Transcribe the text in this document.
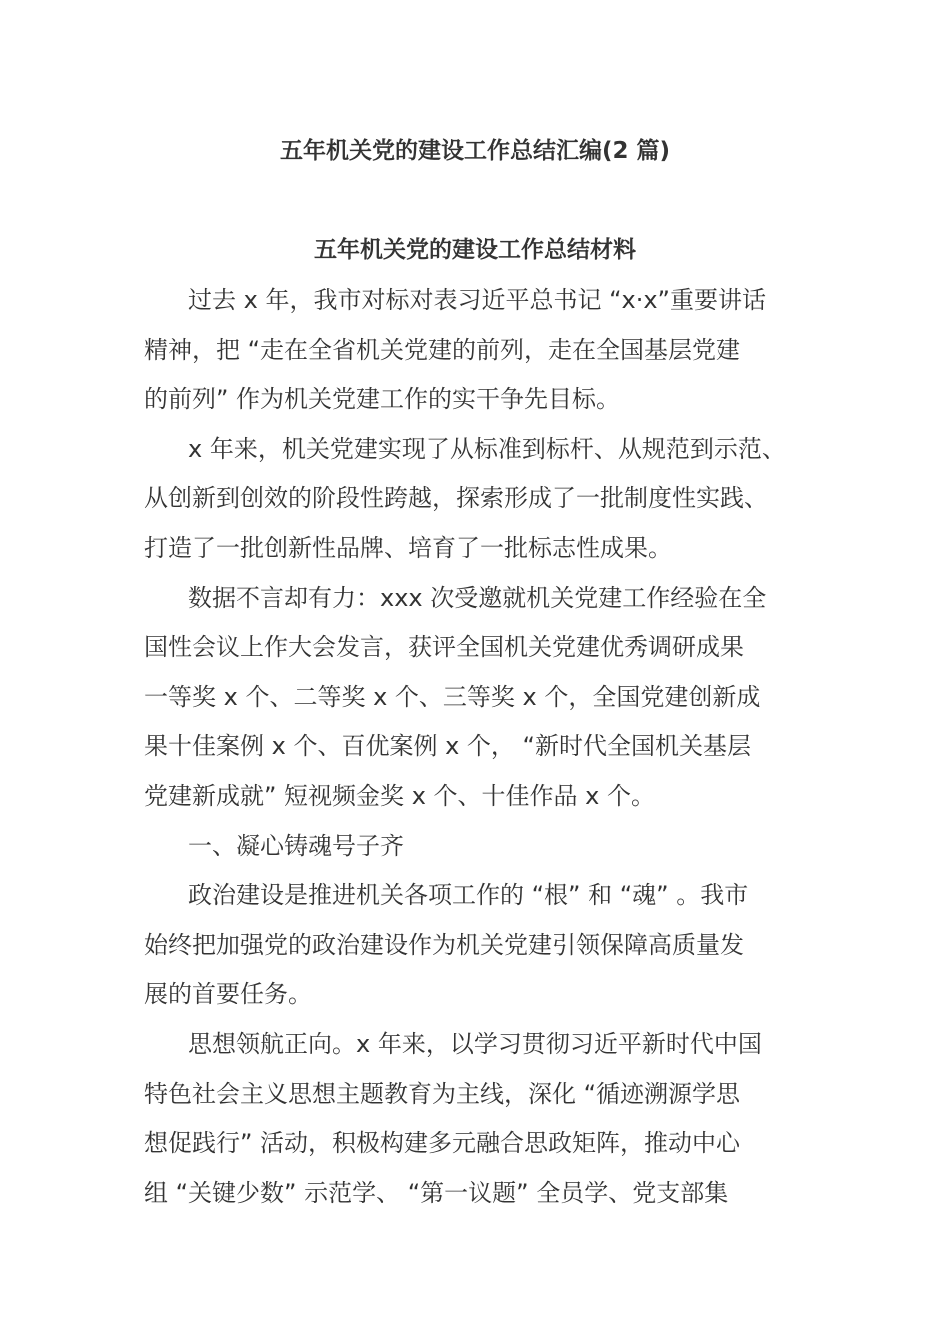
五年机关党的建设工作总结汇编(2 篇)
五年机关党的建设工作总结材料
过去 x 年，我市对标对表习近平总书记 “x·x”重要讲话
精神，把 “走在全省机关党建的前列，走在全国基层党建
的前列” 作为机关党建工作的实干争先目标。
x 年来，机关党建实现了从标准到标杆、从规范到示范、
从创新到创效的阶段性跨越，探索形成了一批制度性实践、
打造了一批创新性品牌、培育了一批标志性成果。
数据不言却有力：xxx 次受邀就机关党建工作经验在全
国性会议上作大会发言，获评全国机关党建优秀调研成果
一等奖 x 个、二等奖 x 个、三等奖 x 个，全国党建创新成
果十佳案例 x 个、百优案例 x 个， “新时代全国机关基层
党建新成就” 短视频金奖 x 个、十佳作品 x 个。
一、凝心铸魂号子齐
政治建设是推进机关各项工作的 “根” 和 “魂” 。我市
始终把加强党的政治建设作为机关党建引领保障高质量发
展的首要任务。
思想领航正向。x 年来，以学习贯彻习近平新时代中国
特色社会主义思想主题教育为主线，深化 “循迹溯源学思
想促践行” 活动，积极构建多元融合思政矩阵，推动中心
组 “关键少数” 示范学、 “第一议题” 全员学、党支部集
